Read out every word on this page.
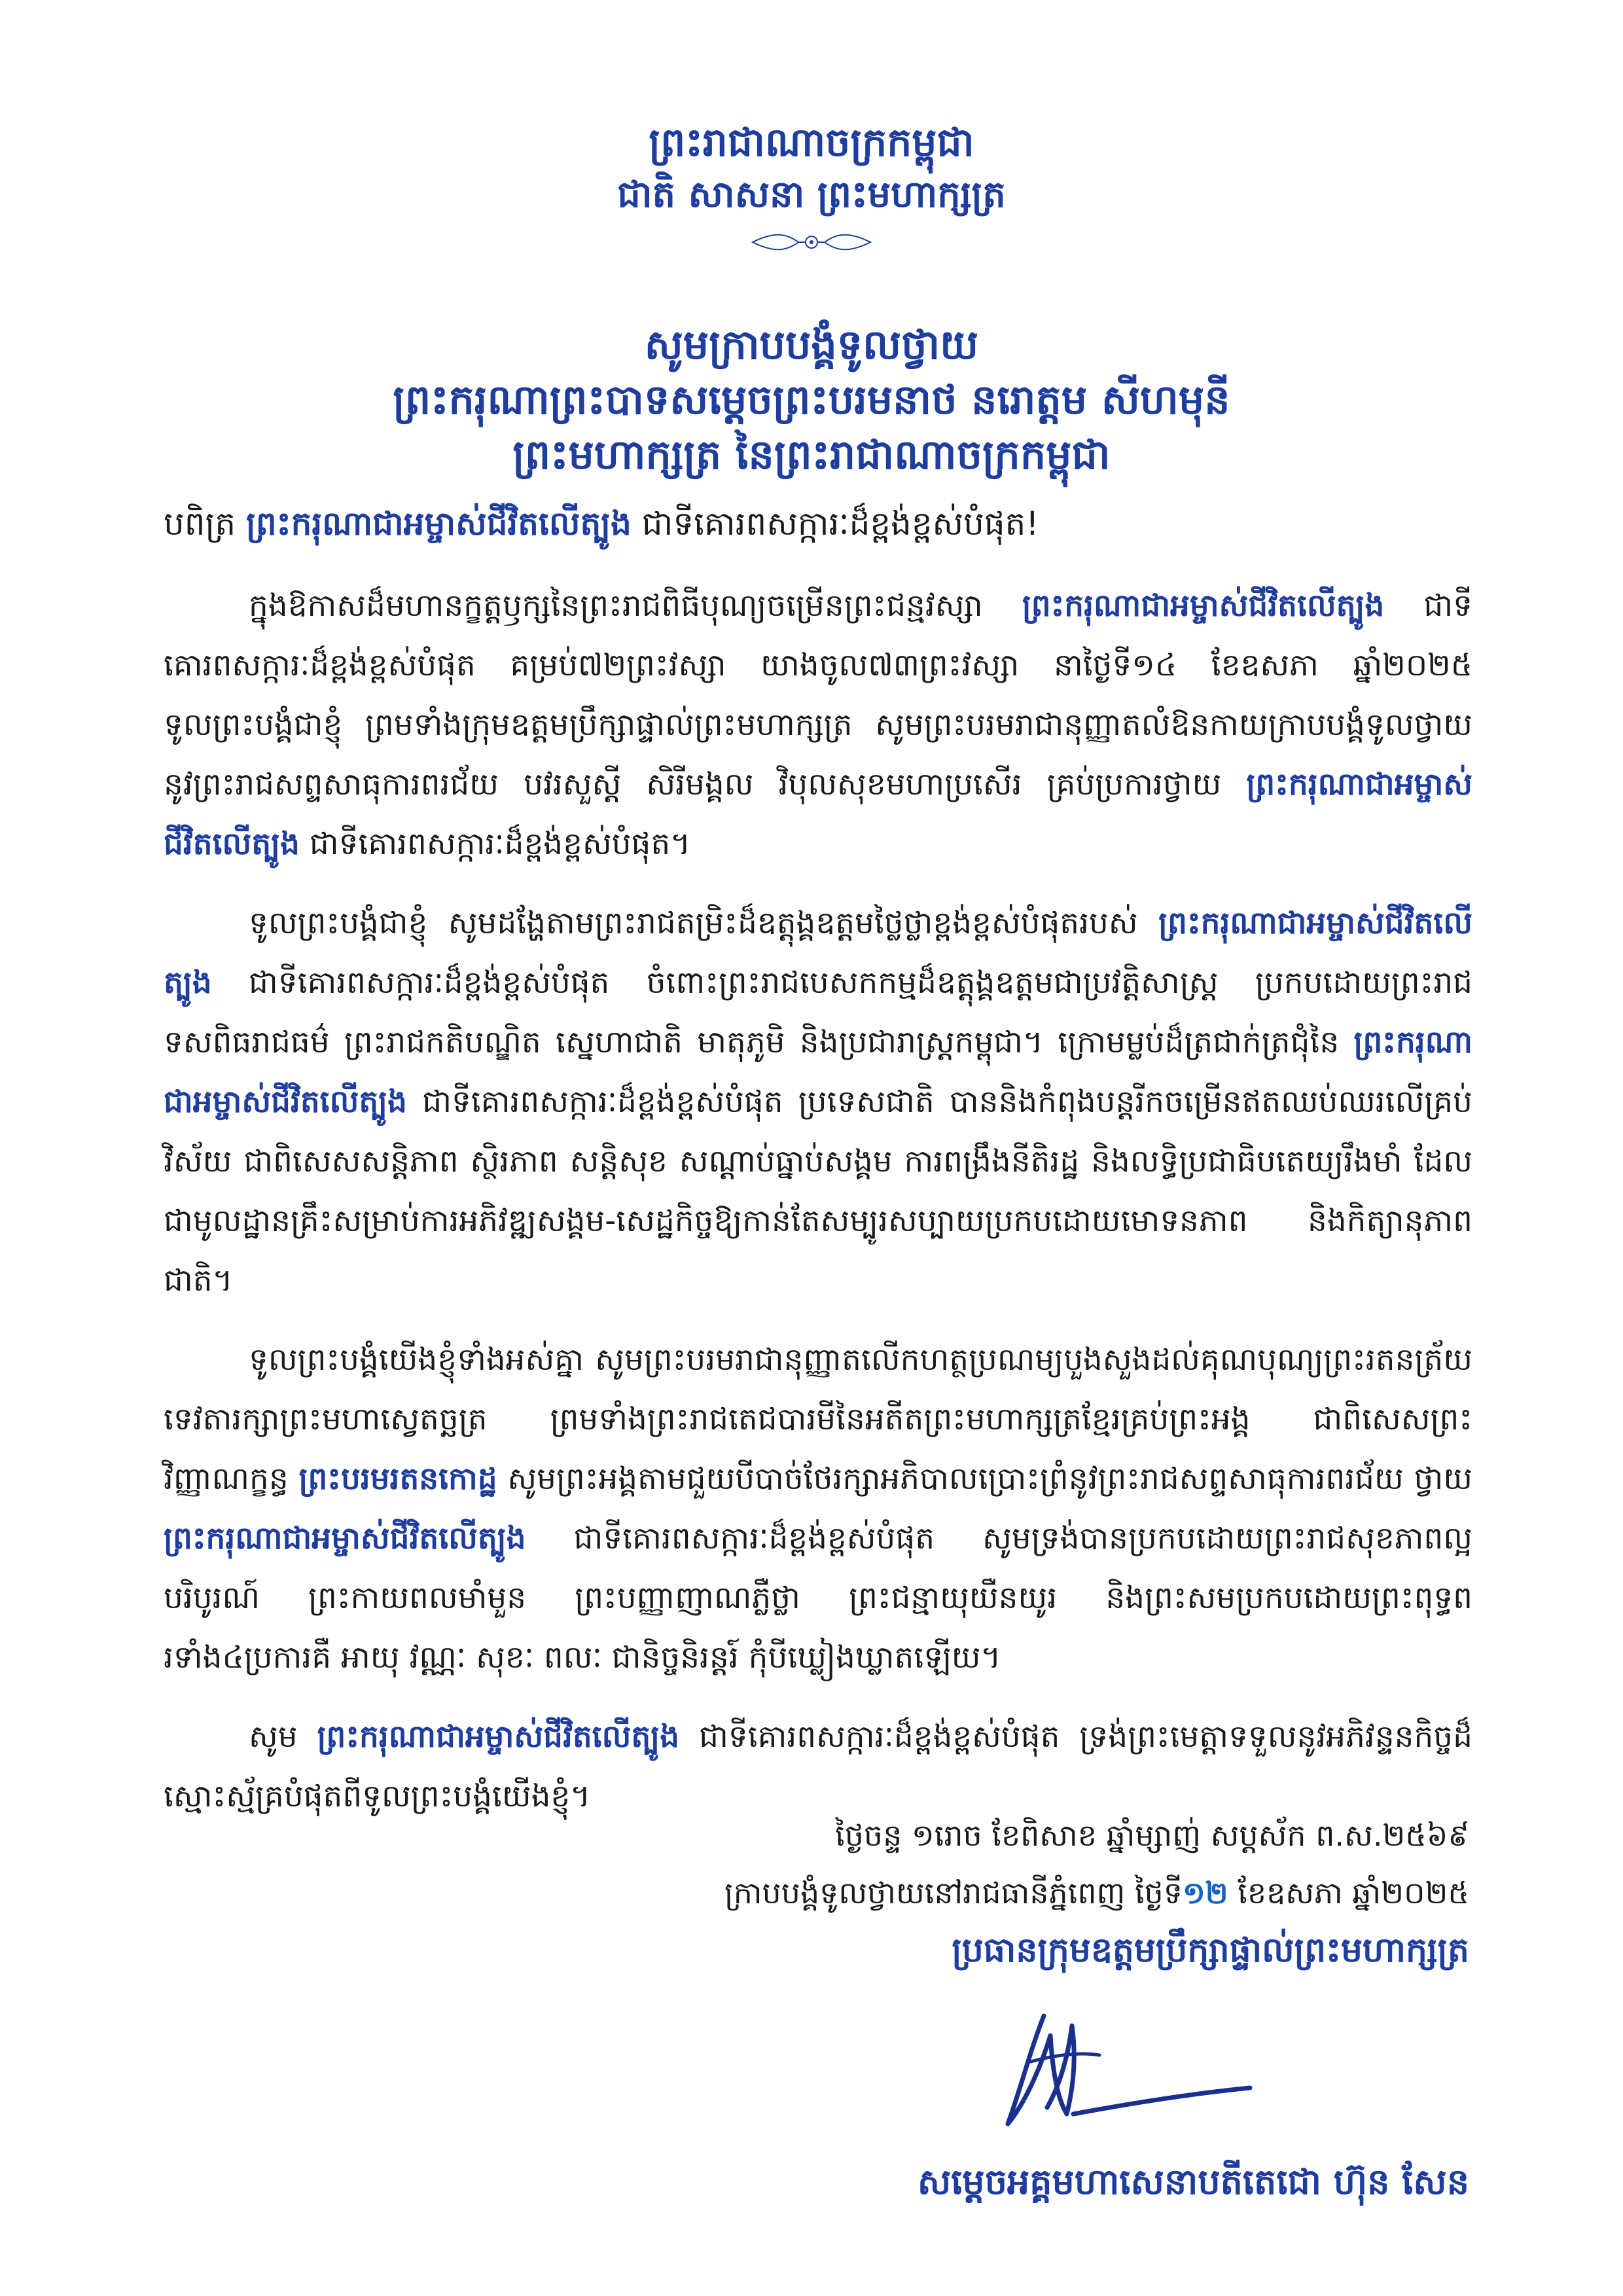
ព្រះរាជាណាចក្រកម្ពុជា
ជាតិ សាសនា ព្រះមហាក្សត្រ
សូមក្រាបបង្គំទូលថ្វាយ
ព្រះករុណាព្រះបាទសម្តេចព្រះបរមនាថ នរោត្តម សីហមុនី
ព្រះមហាក្សត្រ នៃព្រះរាជាណាចក្រកម្ពុជា
បពិត្រ ព្រះករុណាជាអម្ចាស់ជីវិតលើត្បូង ជាទីគោរពសក្ការៈដ៏ខ្ពង់ខ្ពស់បំផុត!

ក្នុងឱកាសដ៏មហានក្ខត្តឫក្សនៃព្រះរាជពិធីបុណ្យចម្រើនព្រះជន្មវស្សា ព្រះករុណាជាអម្ចាស់ជីវិតលើត្បូង ជាទីគោរពសក្ការៈដ៏ខ្ពង់ខ្ពស់បំផុត គម្រប់៧២ព្រះវស្សា យាងចូល៧៣ព្រះវស្សា នាថ្ងៃទី១៤ ខែឧសភា ឆ្នាំ២០២៥ ទូលព្រះបង្គំជាខ្ញុំ ព្រមទាំងក្រុមឧត្តមប្រឹក្សាផ្ទាល់ព្រះមហាក្សត្រ សូមព្រះបរមរាជានុញ្ញាតលំឱនកាយក្រាបបង្គំទូលថ្វាយនូវព្រះរាជសព្ទសាធុការពរជ័យ បវរសួស្តី សិរីមង្គល វិបុលសុខមហាប្រសើរ គ្រប់ប្រការថ្វាយ ព្រះករុណាជាអម្ចាស់ជីវិតលើត្បូង ជាទីគោរពសក្ការៈដ៏ខ្ពង់ខ្ពស់បំផុត។

ទូលព្រះបង្គំជាខ្ញុំ សូមដង្ហែតាមព្រះរាជតម្រិះដ៏ឧត្តុង្គឧត្តមថ្លៃថ្លាខ្ពង់ខ្ពស់បំផុតរបស់ ព្រះករុណាជាអម្ចាស់ជីវិតលើត្បូង ជាទីគោរពសក្ការៈដ៏ខ្ពង់ខ្ពស់បំផុត ចំពោះព្រះរាជបេសកកម្មដ៏ឧត្តុង្គឧត្តមជាប្រវត្តិសាស្ត្រ ប្រកបដោយព្រះរាជទសពិធរាជធម៌ ព្រះរាជកតិបណ្ឌិត ស្នេហាជាតិ មាតុភូមិ និងប្រជារាស្ត្រកម្ពុជា។ ក្រោមម្លប់ដ៏ត្រជាក់ត្រជុំនៃ ព្រះករុណាជាអម្ចាស់ជីវិតលើត្បូង ជាទីគោរពសក្ការៈដ៏ខ្ពង់ខ្ពស់បំផុត ប្រទេសជាតិ បាននិងកំពុងបន្តរីកចម្រើនឥតឈប់ឈរលើគ្រប់វិស័យ ជាពិសេសសន្តិភាព ស្ថិរភាព សន្តិសុខ សណ្តាប់ធ្នាប់សង្គម ការពង្រឹងនីតិរដ្ឋ និងលទ្ធិប្រជាធិបតេយ្យរឹងមាំ ដែលជាមូលដ្ឋានគ្រឹះសម្រាប់ការអភិវឌ្ឍសង្គម-សេដ្ឋកិច្ចឱ្យកាន់តែសម្បូរសប្បាយប្រកបដោយមោទនភាព និងកិត្យានុភាពជាតិ។

ទូលព្រះបង្គំយើងខ្ញុំទាំងអស់គ្នា សូមព្រះបរមរាជានុញ្ញាតលើកហត្ថប្រណម្យបួងសួងដល់គុណបុណ្យព្រះរតនត្រ័យ ទេវតារក្សាព្រះមហាស្វេតច្ឆត្រ ព្រមទាំងព្រះរាជតេជបារមីនៃអតីតព្រះមហាក្សត្រខ្មែរគ្រប់ព្រះអង្គ ជាពិសេសព្រះវិញ្ញាណក្ខន្ធ ព្រះបរមរតនកោដ្ឋ សូមព្រះអង្គតាមជួយបីបាច់ថែរក្សាអភិបាលប្រោះព្រំនូវព្រះរាជសព្ទសាធុការពរជ័យ ថ្វាយ ព្រះករុណាជាអម្ចាស់ជីវិតលើត្បូង ជាទីគោរពសក្ការៈដ៏ខ្ពង់ខ្ពស់បំផុត សូមទ្រង់បានប្រកបដោយព្រះរាជសុខភាពល្អបរិបូរណ៍ ព្រះកាយពលមាំមួន ព្រះបញ្ញាញាណភ្លឺថ្លា ព្រះជន្មាយុយឺនយូរ និងព្រះសមប្រកបដោយព្រះពុទ្ធពរទាំង៤ប្រការគឺ អាយុ វណ្ណៈ សុខៈ ពលៈ ជានិច្ចនិរន្តរ៍ កុំបីឃ្លៀងឃ្លាតឡើយ។

សូម ព្រះករុណាជាអម្ចាស់ជីវិតលើត្បូង ជាទីគោរពសក្ការៈដ៏ខ្ពង់ខ្ពស់បំផុត ទ្រង់ព្រះមេត្តាទទួលនូវអភិវន្ទនកិច្ចដ៏ស្មោះស្ម័គ្របំផុតពីទូលព្រះបង្គំយើងខ្ញុំ។

ថ្ងៃចន្ទ ១រោច ខែពិសាខ ឆ្នាំម្សាញ់ សប្តស័ក ព.ស.២៥៦៩
ក្រាបបង្គំទូលថ្វាយនៅរាជធានីភ្នំពេញ ថ្ងៃទី១២ ខែឧសភា ឆ្នាំ២០២៥
ប្រធានក្រុមឧត្តមប្រឹក្សាផ្ទាល់ព្រះមហាក្សត្រ
សម្តេចអគ្គមហាសេនាបតីតេជោ ហ៊ុន សែន
